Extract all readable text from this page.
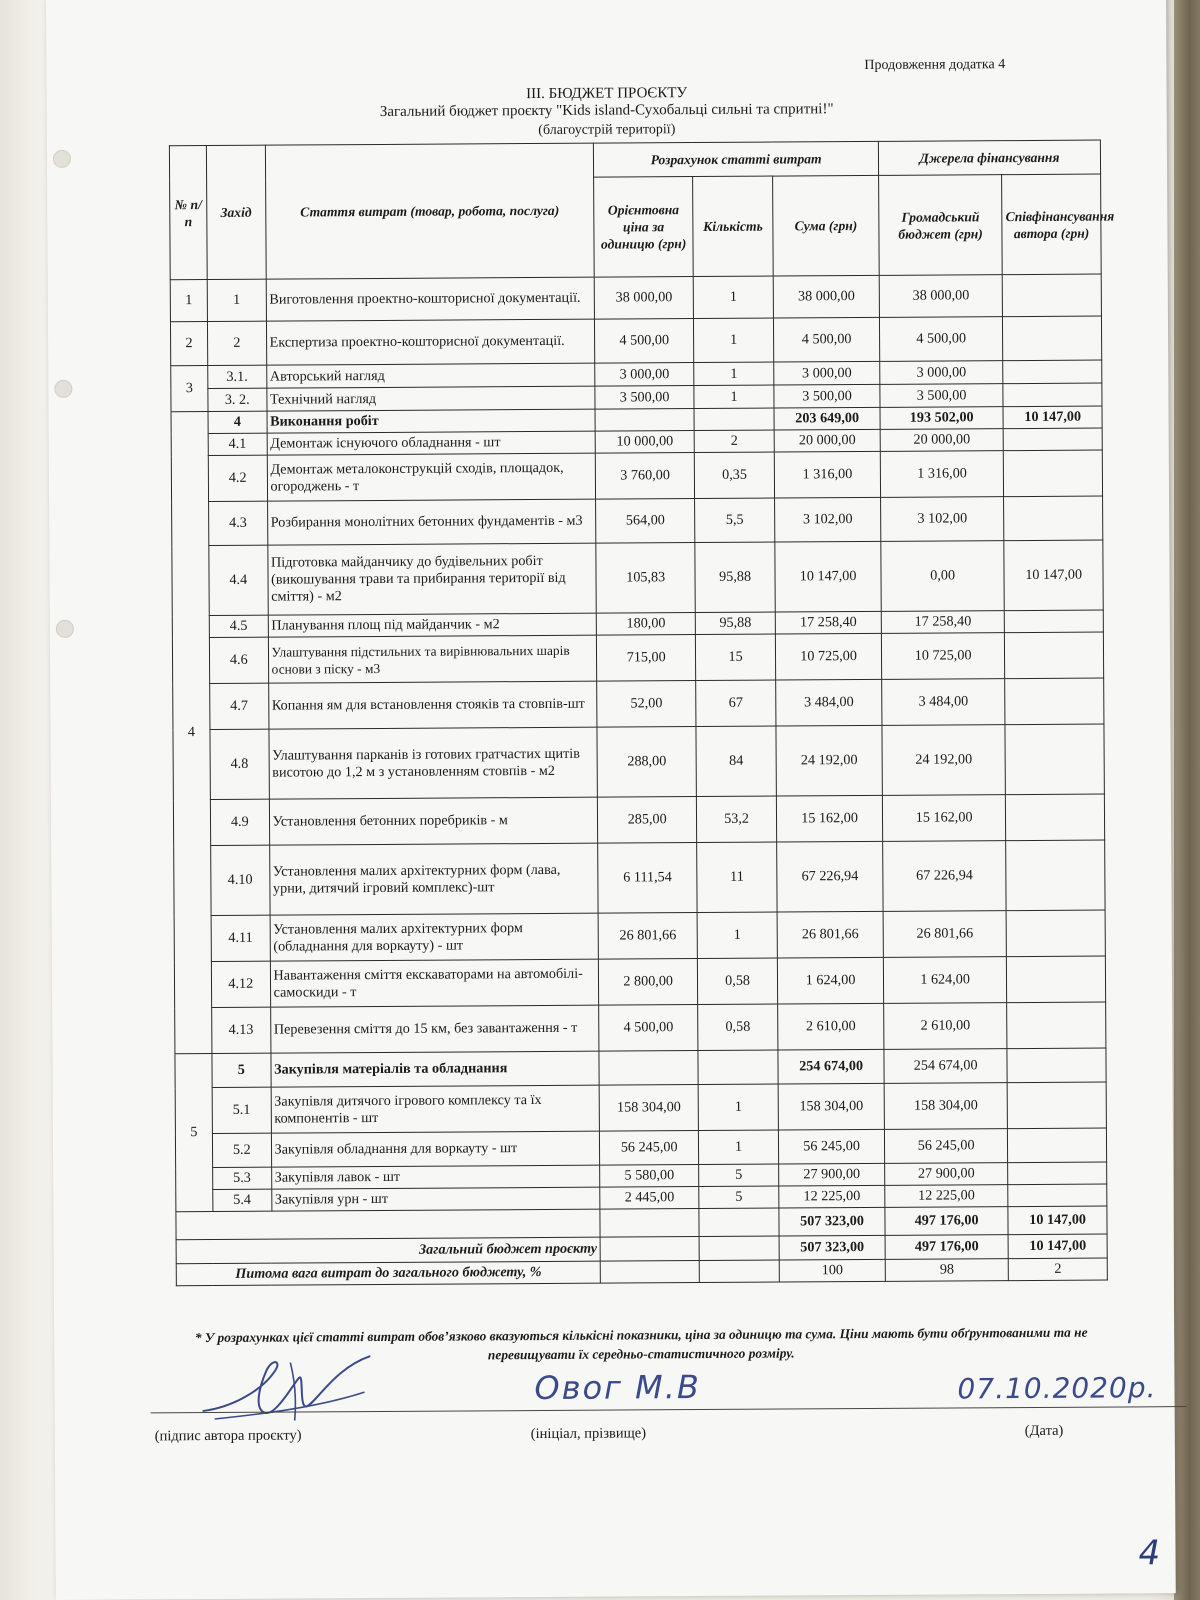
Продовження додатка 4
ІІІ. БЮДЖЕТ ПРОЄКТУ
Загальний бюджет проєкту "Kids island-Сухобальці сильні та спритні!"
(благоустрій території)
№ п/п	Захід	Стаття витрат (товар, робота, послуга)	Розрахунок статті витрат			Джерела фінансування	
			Орієнтовна ціна за одиницю (грн)	Кількість	Сума (грн)	Громадський бюджет (грн)	Співфінансування автора (грн)
1	1	Виготовлення проектно-кошторисної документації.	38 000,00	1	38 000,00	38 000,00	
2	2	Експертиза проектно-кошторисної документації.	4 500,00	1	4 500,00	4 500,00	
3	3.1.	Авторський нагляд	3 000,00	1	3 000,00	3 000,00	
	3. 2.	Технічний нагляд	3 500,00	1	3 500,00	3 500,00	
4	4	Виконання робіт			203 649,00	193 502,00	10 147,00
	4.1	Демонтаж існуючого обладнання - шт	10 000,00	2	20 000,00	20 000,00	
	4.2	Демонтаж металоконструкцій сходів, площадок, огороджень - т	3 760,00	0,35	1 316,00	1 316,00	
	4.3	Розбирання монолітних бетонних фундаментів - м3	564,00	5,5	3 102,00	3 102,00	
	4.4	Підготовка майданчику до будівельних робіт (викошування трави та прибирання території від сміття) - м2	105,83	95,88	10 147,00	0,00	10 147,00
	4.5	Планування площ під майданчик - м2	180,00	95,88	17 258,40	17 258,40	
	4.6	Улаштування підстильних та вирівнювальних шарів основи з піску - м3	715,00	15	10 725,00	10 725,00	
	4.7	Копання ям для встановлення стояків та стовпів-шт	52,00	67	3 484,00	3 484,00	
	4.8	Улаштування парканів із готових гратчастих щитів висотою до 1,2 м з установленням стовпів - м2	288,00	84	24 192,00	24 192,00	
	4.9	Установлення бетонних поребриків - м	285,00	53,2	15 162,00	15 162,00	
	4.10	Установлення малих архітектурних форм (лава, урни, дитячий ігровий комплекс)-шт	6 111,54	11	67 226,94	67 226,94	
	4.11	Установлення малих архітектурних форм (обладнання для воркауту) - шт	26 801,66	1	26 801,66	26 801,66	
	4.12	Навантаження сміття екскаваторами на автомобілі-самоскиди - т	2 800,00	0,58	1 624,00	1 624,00	
	4.13	Перевезення сміття до 15 км, без завантаження - т	4 500,00	0,58	2 610,00	2 610,00	
5	5	Закупівля матеріалів та обладнання			254 674,00	254 674,00	
	5.1	Закупівля дитячого ігрового комплексу та їх компонентів - шт	158 304,00	1	158 304,00	158 304,00	
	5.2	Закупівля обладнання для воркауту - шт	56 245,00	1	56 245,00	56 245,00	
	5.3	Закупівля лавок - шт	5 580,00	5	27 900,00	27 900,00	
	5.4	Закупівля урн - шт	2 445,00	5	12 225,00	12 225,00	
					507 323,00	497 176,00	10 147,00
Загальний бюджет проєкту					507 323,00	497 176,00	10 147,00
Питома вага витрат до загального бюджету, %					100	98	2
* У розрахунках цієї статті витрат обов’язково вказуються кількісні показники, ціна за одиницю та сума. Ціни мають бути обґрунтованими та не перевищувати їх середньо-статистичного розміру.
Овог М.В	07.10.2020р.
(підпис автора проєкту)	(ініціал, прізвище)	(Дата)
4
